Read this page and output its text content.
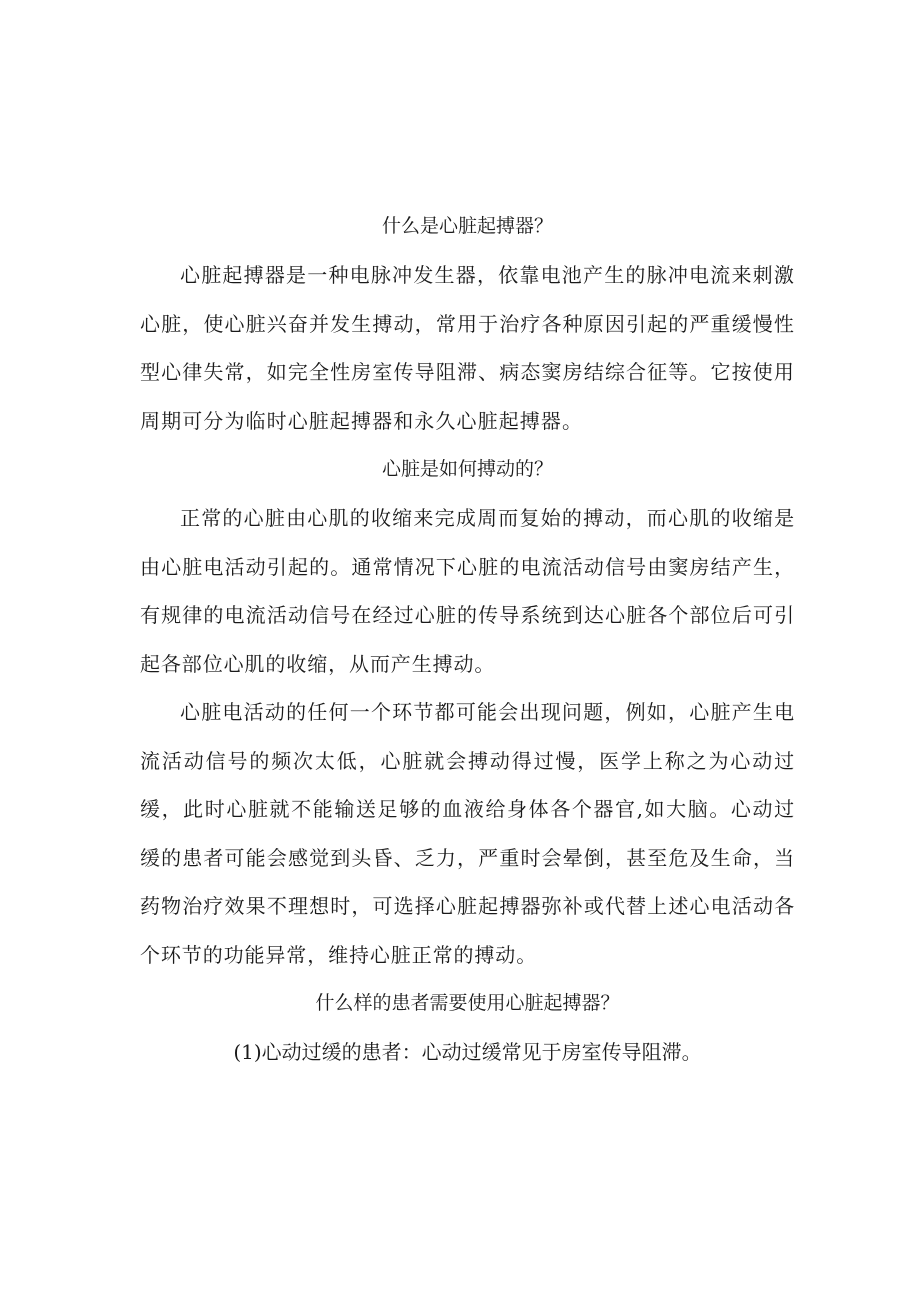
什么是心脏起搏器？

心脏起搏器是一种电脉冲发生器，依靠电池产生的脉冲电流来刺激心脏，使心脏兴奋并发生搏动，常用于治疗各种原因引起的严重缓慢性型心律失常，如完全性房室传导阻滞、病态窦房结综合征等。它按使用周期可分为临时心脏起搏器和永久心脏起搏器。

心脏是如何搏动的？

正常的心脏由心肌的收缩来完成周而复始的搏动，而心肌的收缩是由心脏电活动引起的。通常情况下心脏的电流活动信号由窦房结产生，有规律的电流活动信号在经过心脏的传导系统到达心脏各个部位后可引起各部位心肌的收缩，从而产生搏动。

心脏电活动的任何一个环节都可能会出现问题，例如，心脏产生电流活动信号的频次太低，心脏就会搏动得过慢，医学上称之为心动过缓，此时心脏就不能输送足够的血液给身体各个器官,如大脑。心动过缓的患者可能会感觉到头昏、乏力，严重时会晕倒，甚至危及生命，当药物治疗效果不理想时，可选择心脏起搏器弥补或代替上述心电活动各个环节的功能异常，维持心脏正常的搏动。

什么样的患者需要使用心脏起搏器？

(1)心动过缓的患者：心动过缓常见于房室传导阻滞。
